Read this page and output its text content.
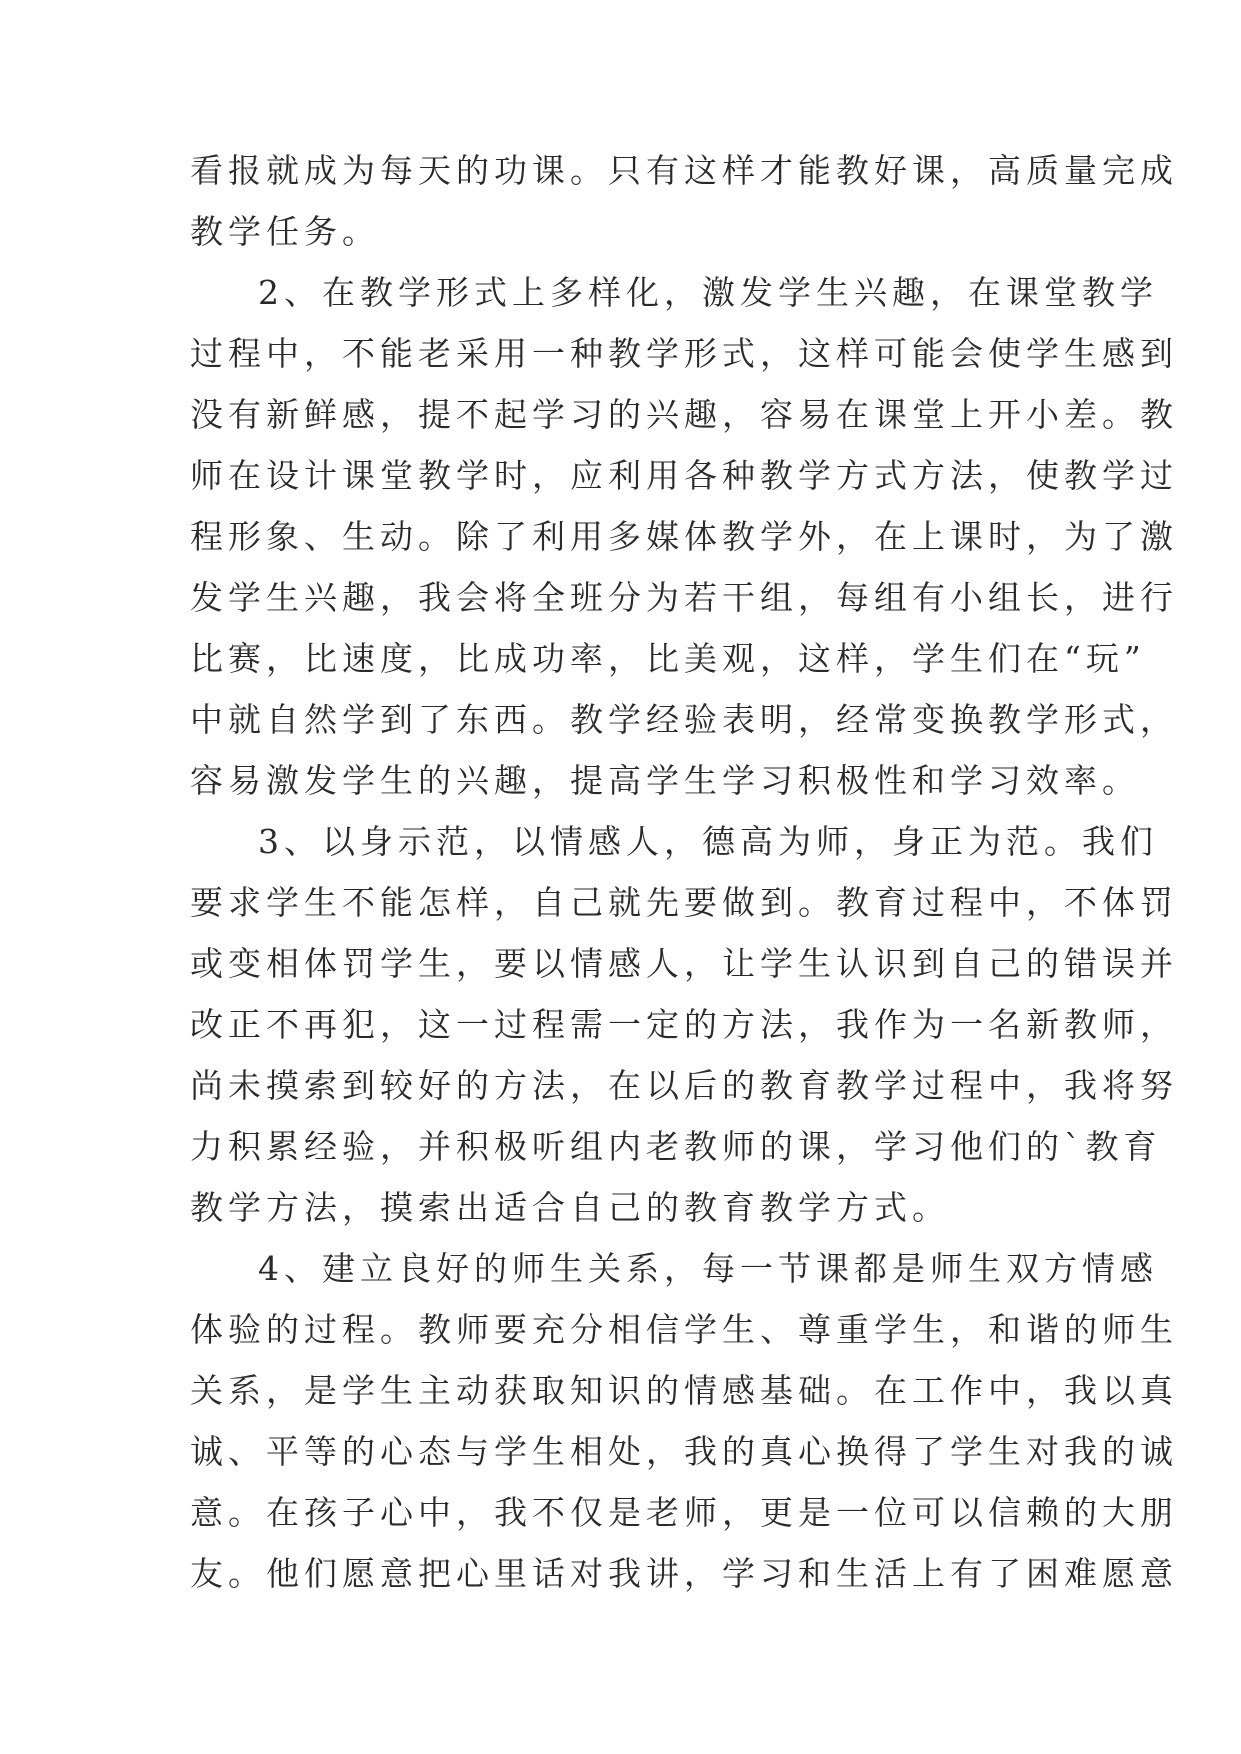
看 报 就 成 为 每 天 的 功 课 。 只 有 这 样 才 能 教 好 课 ， 高 质 量 完 成
教学任务。
2 、 在 教 学 形 式 上 多 样 化 ， 激 发 学 生 兴 趣 ， 在 课 堂 教 学
过 程 中 ， 不 能 老 采 用 一 种 教 学 形 式 ， 这 样 可 能 会 使 学 生 感 到
没 有 新 鲜 感 ， 提 不 起 学 习 的 兴 趣 ， 容 易 在 课 堂 上 开 小 差 。 教
师 在 设 计 课 堂 教 学 时 ， 应 利 用 各 种 教 学 方 式 方 法 ， 使 教 学 过
程 形 象 、 生 动 。 除 了 利 用 多 媒 体 教 学 外 ， 在 上 课 时 ， 为 了 激
发 学 生 兴 趣 ， 我 会 将 全 班 分 为 若 干 组 ， 每 组 有 小 组 长 ， 进 行
比 赛 ， 比 速 度 ， 比 成 功 率 ， 比 美 观 ， 这 样 ， 学 生 们 在 “ 玩 ”
中 就 自 然 学 到 了 东 西 。 教 学 经 验 表 明 ， 经 常 变 换 教 学 形 式 ，
容易激发学生的兴趣，提高学生学习积极性和学习效率。
3 、 以 身 示 范 ， 以 情 感 人 ， 德 高 为 师 ， 身 正 为 范 。 我 们
要 求 学 生 不 能 怎 样 ， 自 己 就 先 要 做 到 。 教 育 过 程 中 ， 不 体 罚
或 变 相 体 罚 学 生 ， 要 以 情 感 人 ， 让 学 生 认 识 到 自 己 的 错 误 并
改 正 不 再 犯 ， 这 一 过 程 需 一 定 的 方 法 ， 我 作 为 一 名 新 教 师 ，
尚 未 摸 索 到 较 好 的 方 法 ， 在 以 后 的 教 育 教 学 过 程 中 ， 我 将 努
力 积 累 经 验 ， 并 积 极 听 组 内 老 教 师 的 课 ， 学 习 他 们 的 ` 教 育
教学方法，摸索出适合自己的教育教学方式。
4 、 建 立 良 好 的 师 生 关 系 ， 每 一 节 课 都 是 师 生 双 方 情 感
体 验 的 过 程 。 教 师 要 充 分 相 信 学 生 、 尊 重 学 生 ， 和 谐 的 师 生
关 系 ， 是 学 生 主 动 获 取 知 识 的 情 感 基 础 。 在 工 作 中 ， 我 以 真
诚 、 平 等 的 心 态 与 学 生 相 处 ， 我 的 真 心 换 得 了 学 生 对 我 的 诚
意 。 在 孩 子 心 中 ， 我 不 仅 是 老 师 ， 更 是 一 位 可 以 信 赖 的 大 朋
友 。 他 们 愿 意 把 心 里 话 对 我 讲 ， 学 习 和 生 活 上 有 了 困 难 愿 意
